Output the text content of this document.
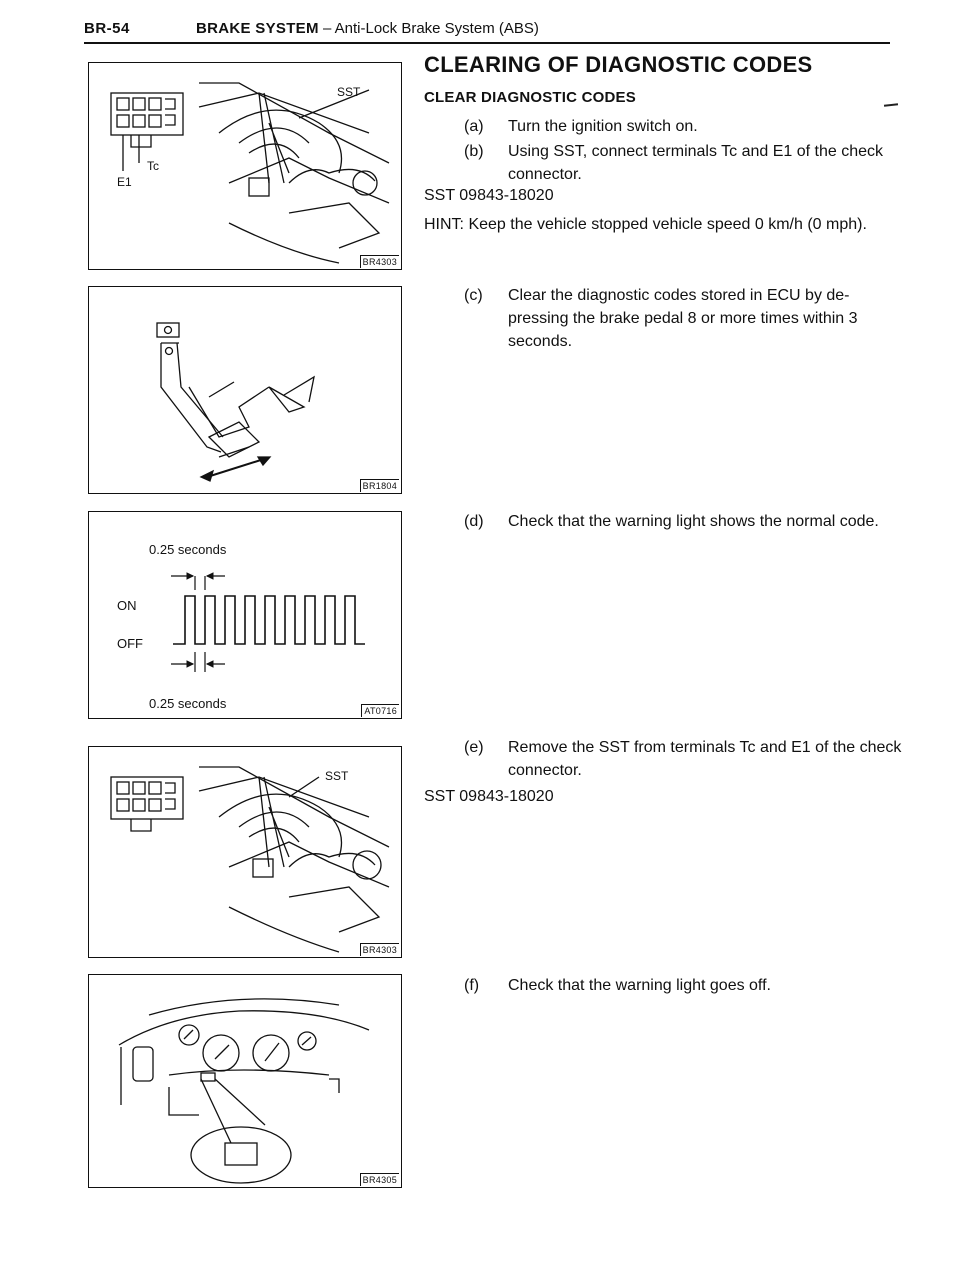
BR-54	BRAKE SYSTEM – Anti-Lock Brake System (ABS)
SST
Tc
E1
BR4303
BR1804
0.25 seconds
ON
OFF
0.25 seconds	AT0716
SST
BR4303
BR4305
CLEARING OF DIAGNOSTIC CODES
CLEAR DIAGNOSTIC CODES
(a) Turn the ignition switch on.
(b) Using SST, connect terminals Tc and E1 of the check connector.
SST 09843-18020
HINT: Keep the vehicle stopped vehicle speed 0 km/h (0 mph).
(c) Clear the diagnostic codes stored in ECU by de-pressing the brake pedal 8 or more times within 3 seconds.
(d) Check that the warning light shows the normal code.
(e) Remove the SST from terminals Tc and E1 of the check connector.
SST 09843-18020
(f) Check that the warning light goes off.
